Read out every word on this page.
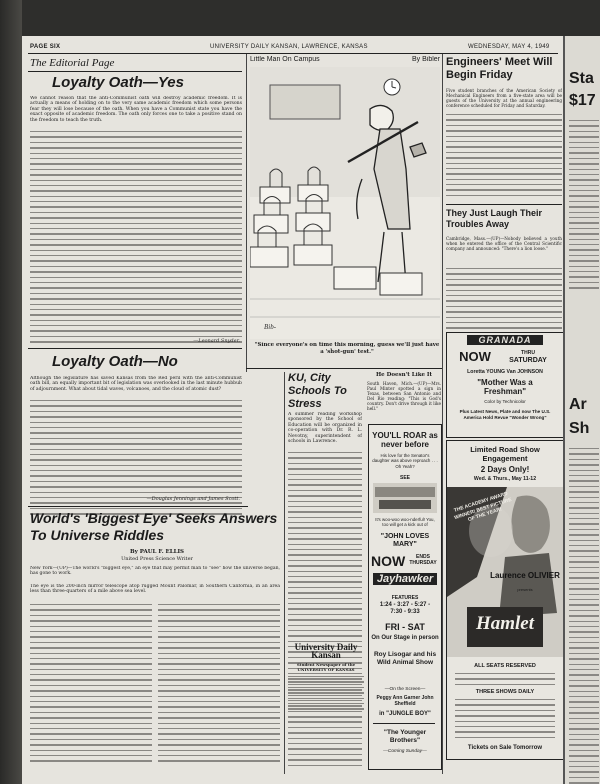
PAGE SIX	UNIVERSITY DAILY KANSAN, LAWRENCE, KANSAS	WEDNESDAY, MAY 4, 1949
The Editorial Page
Loyalty Oath—Yes
We cannot reason that the anti-Communist oath will destroy academic freedom. It is actually a means of holding on to the very same academic freedom which some persons fear they will lose because of the oath. When you have a Communist state you have the exact opposite of academic freedom. The oath only forces one to take a positive stand on the freedom to teach the truth.
—Leonard Snyder.
Loyalty Oath—No
Although the legislature has saved Kansas from the Red peril with the anti-Communist oath bill, an equally important bit of legislation was overlooked in the last minute hubbub of adjournment. What about tidal waves, volcanoes, and the cloud of atomic dust?
—Douglas Jennings and James Scott.
World's 'Biggest Eye' Seeks Answers To Universe Riddles
By PAUL F. ELLIS
United Press Science Writer
New York—(UP)—The world's "biggest eye," an eye that may permit man to "see" how the universe began, has gone to work.
The eye is the 200-inch mirror telescope atop rugged Mount Palomar, in Southern California, in an area less than three-quarters of a mile above sea level.
Little Man On Campus	By Bibler
Bib-
"Since everyone's on time this morning, guess we'll just have a 'shot-gun' test."
KU, City Schools To Stress
A summer reading workshop sponsored by the School of Education will be organized in co-operation with Dr. R. L. Nevotny, superintendent of schools in Lawrence.
He Doesn't Like It
South Haven, Mich.—(UP)—Mrs. Paul Minter spotted a sign in Texas, between San Antonio and Del Rio reading: "This is God's country. Don't drive through it like hell."
YOU'LL ROAR as never before
His love for the Senator's daughter was above reproach . . . Oh Yeah?
SEE
It's woo-woo woo-nderful! You, too will get a kick out of
"JOHN LOVES MARY"
NOW	ENDS THURSDAY
Jayhawker
FEATURES
1:24 - 3:27 - 5:27 - 7:30 - 9:33
FRI - SAT
On Our Stage in person
Roy Lisogar and his Wild Animal Show
—On the Screen—
Peggy Ann Garner John Sheffield
in "JUNGLE BOY"
"The Younger Brothers"
—Coming Sunday—
University Daily Kansan
Student Newspaper of the UNIVERSITY OF KANSAS
Engineers' Meet Will Begin Friday
Five student branches of the American Society of Mechanical Engineers from a five-state area will be guests of the University at the annual engineering conference scheduled for Friday and Saturday.
They Just Laugh Their Troubles Away
Cambridge, Mass.—(UP)—Nobody believed a youth when he entered the office of the Central Scientific company and announced: "There's a lion loose."
GRANADA
NOW	THRU
SATURDAY
Loretta YOUNG Van JOHNSON
"Mother Was a Freshman"
Color by Technicolor
Plus Latest News, Plate and now The U.S. America Hold Revue "Wonder Wrong"
Limited Road Show Engagement
2 Days Only!
Wed. & Thurs., May 11-12
THE ACADEMY AWARD WINNER! BEST PICTURE OF THE YEAR!
Laurence OLIVIER
presents
Hamlet
ALL SEATS RESERVED
THREE SHOWS DAILY
Tickets on Sale Tomorrow
Sta
$17
Ar
Sh
